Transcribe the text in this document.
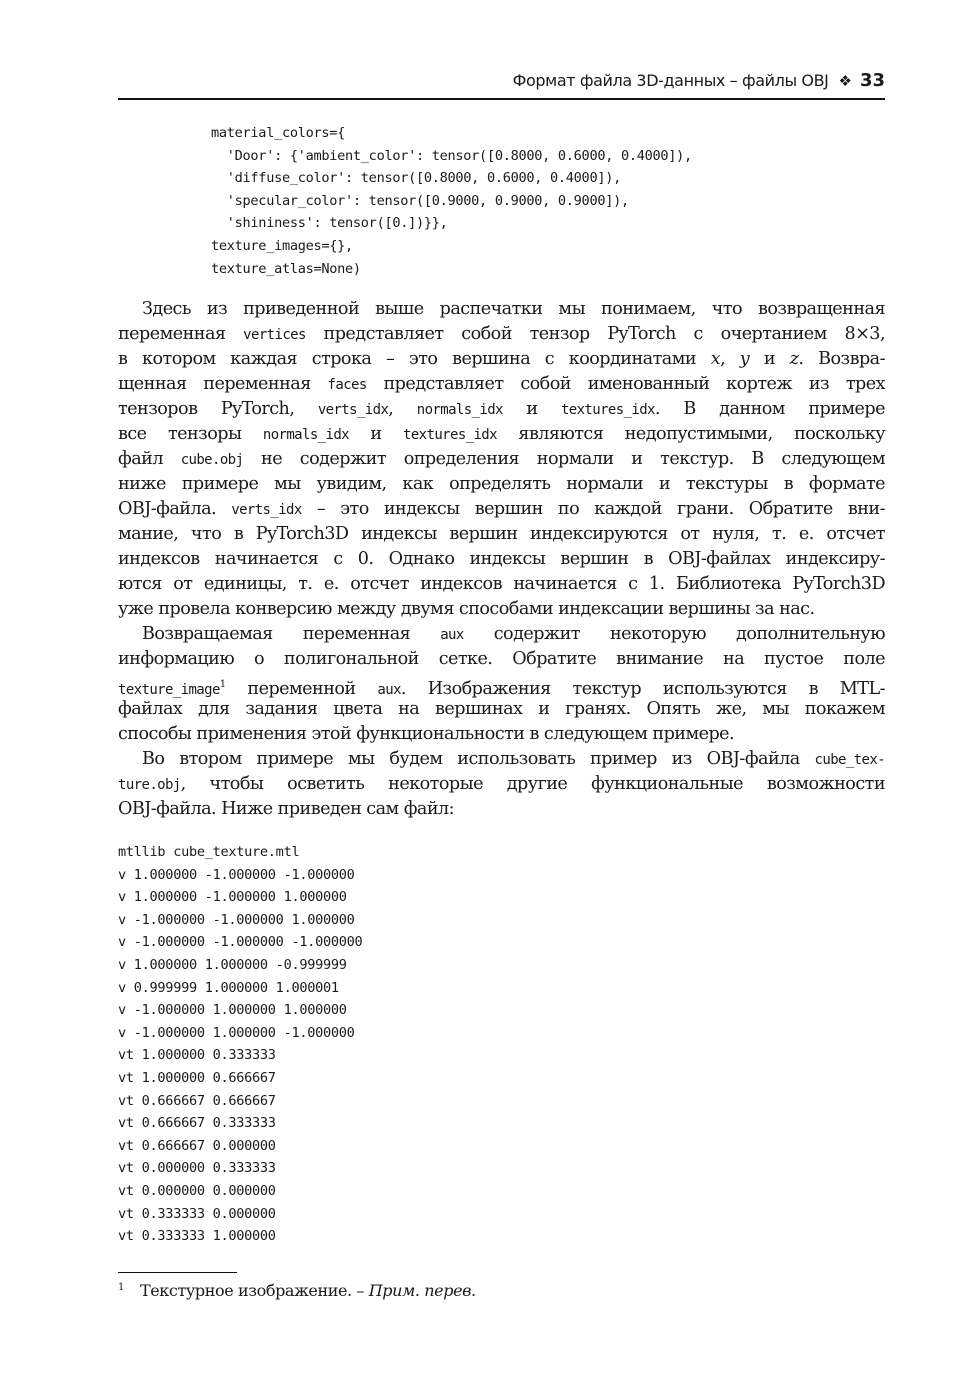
Формат файла 3D-данных – файлы OBJ ❖ 33
material_colors={
'Door': {'ambient_color': tensor([0.8000, 0.6000, 0.4000]),
'diffuse_color': tensor([0.8000, 0.6000, 0.4000]),
'specular_color': tensor([0.9000, 0.9000, 0.9000]),
'shininess': tensor([0.])}},
texture_images={},
texture_atlas=None)
Здесь из приведенной выше распечатки мы понимаем, что возвращенная
переменная vertices представляет собой тензор PyTorch с очертанием 8×3,
в котором каждая строка – это вершина с координатами x, y и z. Возвра-
щенная переменная faces представляет собой именованный кортеж из трех
тензоров PyTorch, verts_idx, normals_idx и textures_idx. В данном примере
все тензоры normals_idx и textures_idx являются недопустимыми, поскольку
файл cube.obj не содержит определения нормали и текстур. В следующем
ниже примере мы увидим, как определять нормали и текстуры в формате
OBJ-файла. verts_idx – это индексы вершин по каждой грани. Обратите вни-
мание, что в PyTorch3D индексы вершин индексируются от нуля, т. е. отсчет
индексов начинается с 0. Однако индексы вершин в OBJ-файлах индексиру-
ются от единицы, т. е. отсчет индексов начинается с 1. Библиотека PyTorch3D
уже провела конверсию между двумя способами индексации вершины за нас.
Возвращаемая переменная aux содержит некоторую дополнительную
информацию о полигональной сетке. Обратите внимание на пустое поле
texture_image$^1$ переменной aux. Изображения текстур используются в MTL-
файлах для задания цвета на вершинах и гранях. Опять же, мы покажем
способы применения этой функциональности в следующем примере.
Во втором примере мы будем использовать пример из OBJ-файла cube_tex-
ture.obj, чтобы осветить некоторые другие функциональные возможности
OBJ-файла. Ниже приведен сам файл:
mtllib cube_texture.mtl
v 1.000000 -1.000000 -1.000000
v 1.000000 -1.000000 1.000000
v -1.000000 -1.000000 1.000000
v -1.000000 -1.000000 -1.000000
v 1.000000 1.000000 -0.999999
v 0.999999 1.000000 1.000001
v -1.000000 1.000000 1.000000
v -1.000000 1.000000 -1.000000
vt 1.000000 0.333333
vt 1.000000 0.666667
vt 0.666667 0.666667
vt 0.666667 0.333333
vt 0.666667 0.000000
vt 0.000000 0.333333
vt 0.000000 0.000000
vt 0.333333 0.000000
vt 0.333333 1.000000
$^1$ Текстурное изображение. – Прим. перев.
